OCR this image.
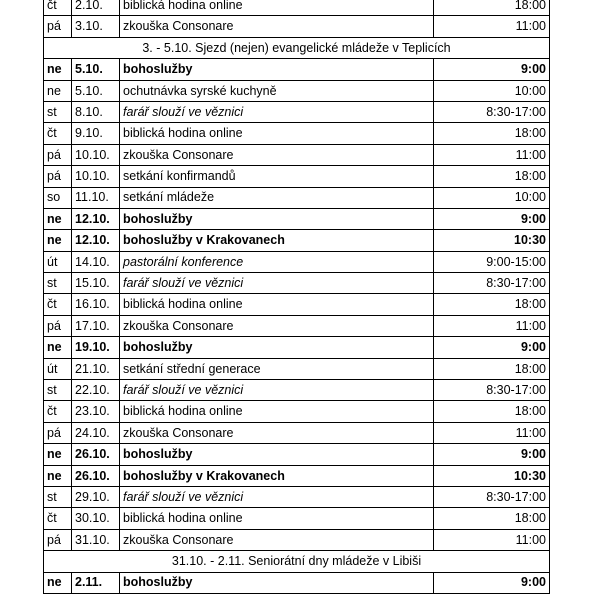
čt	2.10.	biblická hodina online	18:00
pá	3.10.	zkouška Consonare	11:00
3. - 5.10. Sjezd (nejen) evangelické mládeže v Teplicích			
ne	5.10.	bohoslužby	9:00
ne	5.10.	ochutnávka syrské kuchyně	10:00
st	8.10.	farář slouží ve věznici	8:30-17:00
čt	9.10.	biblická hodina online	18:00
pá	10.10.	zkouška Consonare	11:00
pá	10.10.	setkání konfirmandů	18:00
so	11.10.	setkání mládeže	10:00
ne	12.10.	bohoslužby	9:00
ne	12.10.	bohoslužby v Krakovanech	10:30
út	14.10.	pastorální konference	9:00-15:00
st	15.10.	farář slouží ve věznici	8:30-17:00
čt	16.10.	biblická hodina online	18:00
pá	17.10.	zkouška Consonare	11:00
ne	19.10.	bohoslužby	9:00
út	21.10.	setkání střední generace	18:00
st	22.10.	farář slouží ve věznici	8:30-17:00
čt	23.10.	biblická hodina online	18:00
pá	24.10.	zkouška Consonare	11:00
ne	26.10.	bohoslužby	9:00
ne	26.10.	bohoslužby v Krakovanech	10:30
st	29.10.	farář slouží ve věznici	8:30-17:00
čt	30.10.	biblická hodina online	18:00
pá	31.10.	zkouška Consonare	11:00
31.10. - 2.11. Seniorátní dny mládeže v Libiši			
ne	2.11.	bohoslužby	9:00
